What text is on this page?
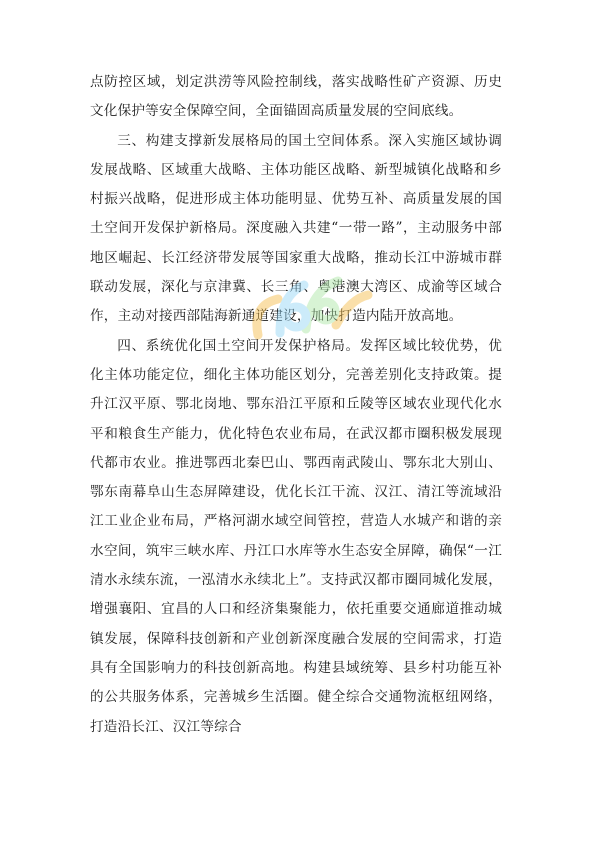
点防控区域，划定洪涝等风险控制线，落实战略性矿产资源、历史文化保护等安全保障空间，全面锚固高质量发展的空间底线。

三、构建支撑新发展格局的国土空间体系。深入实施区域协调发展战略、区域重大战略、主体功能区战略、新型城镇化战略和乡村振兴战略，促进形成主体功能明显、优势互补、高质量发展的国土空间开发保护新格局。深度融入共建“一带一路”，主动服务中部地区崛起、长江经济带发展等国家重大战略，推动长江中游城市群联动发展，深化与京津冀、长三角、粤港澳大湾区、成渝等区域合作，主动对接西部陆海新通道建设，加快打造内陆开放高地。

四、系统优化国土空间开发保护格局。发挥区域比较优势，优化主体功能定位，细化主体功能区划分，完善差别化支持政策。提升江汉平原、鄂北岗地、鄂东沿江平原和丘陵等区域农业现代化水平和粮食生产能力，优化特色农业布局，在武汉都市圈积极发展现代都市农业。推进鄂西北秦巴山、鄂西南武陵山、鄂东北大别山、鄂东南幕阜山生态屏障建设，优化长江干流、汉江、清江等流域沿江工业企业布局，严格河湖水域空间管控，营造人水城产和谐的亲水空间，筑牢三峡水库、丹江口水库等水生态安全屏障，确保“一江清水永续东流，一泓清水永续北上”。支持武汉都市圈同城化发展，增强襄阳、宜昌的人口和经济集聚能力，依托重要交通廊道推动城镇发展，保障科技创新和产业创新深度融合发展的空间需求，打造具有全国影响力的科技创新高地。构建县域统筹、县乡村功能互补的公共服务体系，完善城乡生活圈。健全综合交通物流枢纽网络，打造沿长江、汉江等综合
